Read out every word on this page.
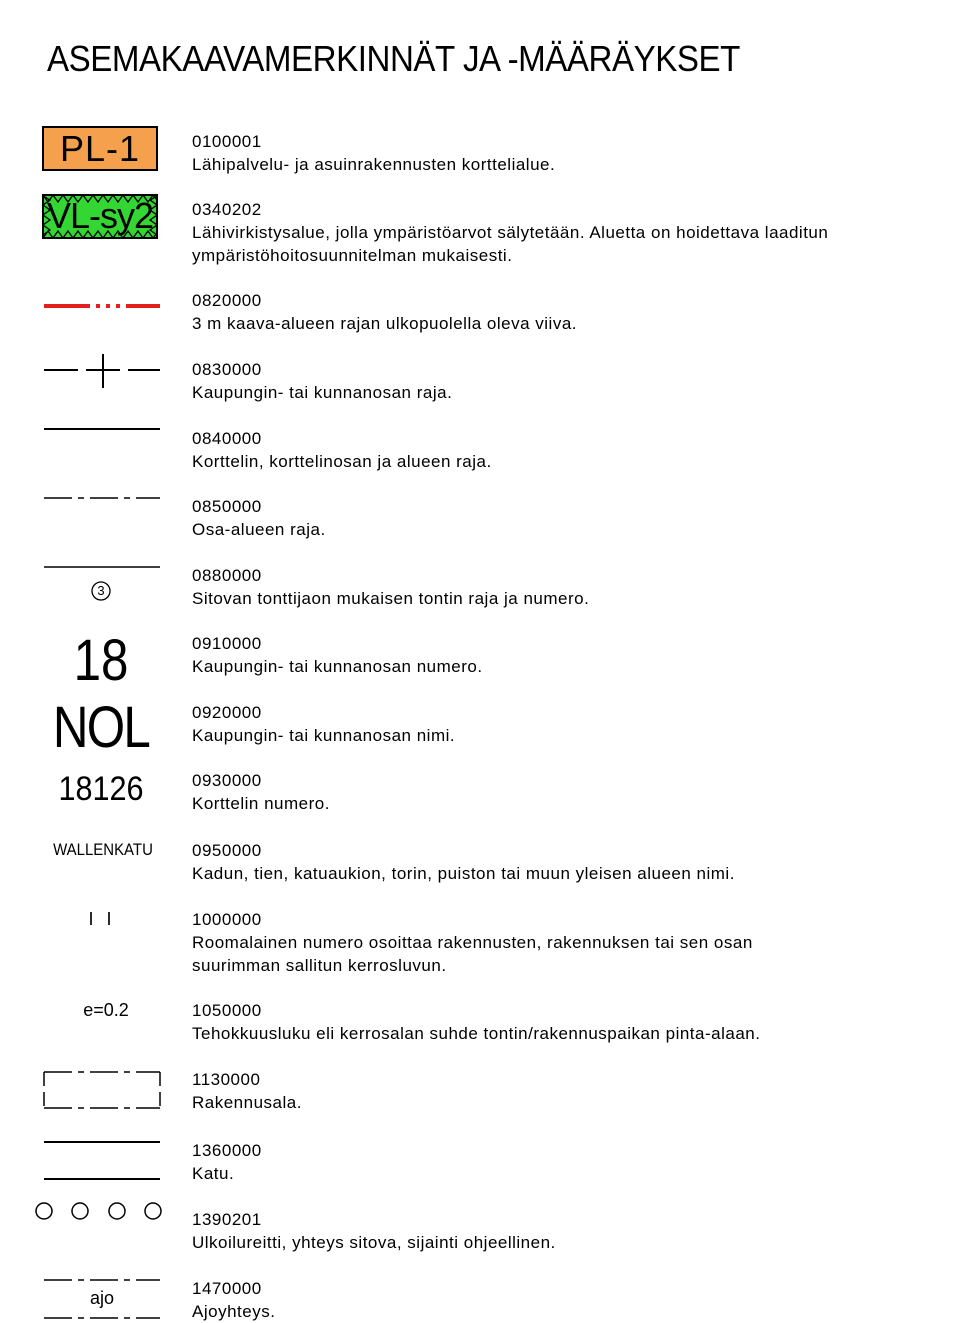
ASEMAKAAVAMERKINNÄT JA -MÄÄRÄYKSET
PL-1
VL-sy2
3
18
NOL
18126
WALLENKATU
I I
e=0.2
ajo
0100001
Lähipalvelu- ja asuinrakennusten korttelialue.
0340202
Lähivirkistysalue, jolla ympäristöarvot sälytetään. Aluetta on hoidettava laaditun
ympäristöhoitosuunnitelman mukaisesti.
0820000
3 m kaava-alueen rajan ulkopuolella oleva viiva.
0830000
Kaupungin- tai kunnanosan raja.
0840000
Korttelin, korttelinosan ja alueen raja.
0850000
Osa-alueen raja.
0880000
Sitovan tonttijaon mukaisen tontin raja ja numero.
0910000
Kaupungin- tai kunnanosan numero.
0920000
Kaupungin- tai kunnanosan nimi.
0930000
Korttelin numero.
0950000
Kadun, tien, katuaukion, torin, puiston tai muun yleisen alueen nimi.
1000000
Roomalainen numero osoittaa rakennusten, rakennuksen tai sen osan
suurimman sallitun kerrosluvun.
1050000
Tehokkuusluku eli kerrosalan suhde tontin/rakennuspaikan pinta-alaan.
1130000
Rakennusala.
1360000
Katu.
1390201
Ulkoilureitti, yhteys sitova, sijainti ohjeellinen.
1470000
Ajoyhteys.
